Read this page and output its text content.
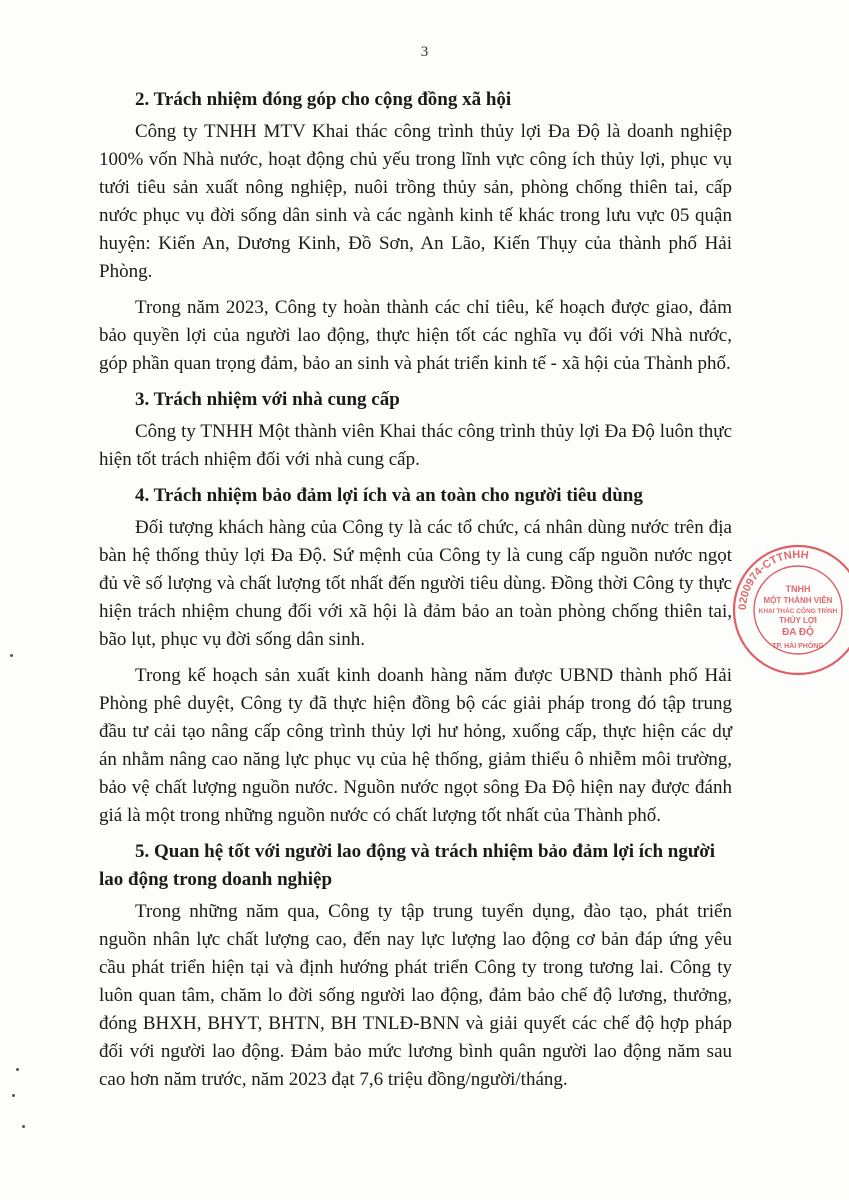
3
2. Trách nhiệm đóng góp cho cộng đồng xã hội

Công ty TNHH MTV Khai thác công trình thủy lợi Đa Độ là doanh nghiệp 100% vốn Nhà nước, hoạt động chủ yếu trong lĩnh vực công ích thủy lợi, phục vụ tưới tiêu sản xuất nông nghiệp, nuôi trồng thủy sản, phòng chống thiên tai, cấp nước phục vụ đời sống dân sinh và các ngành kinh tế khác trong lưu vực 05 quận huyện: Kiến An, Dương Kinh, Đồ Sơn, An Lão, Kiến Thụy của thành phố Hải Phòng.

Trong năm 2023, Công ty hoàn thành các chỉ tiêu, kế hoạch được giao, đảm bảo quyền lợi của người lao động, thực hiện tốt các nghĩa vụ đối với Nhà nước, góp phần quan trọng đảm, bảo an sinh và phát triển kinh tế - xã hội của Thành phố.

3. Trách nhiệm với nhà cung cấp

Công ty TNHH Một thành viên Khai thác công trình thủy lợi Đa Độ luôn thực hiện tốt trách nhiệm đối với nhà cung cấp.

4. Trách nhiệm bảo đảm lợi ích và an toàn cho người tiêu dùng

Đối tượng khách hàng của Công ty là các tổ chức, cá nhân dùng nước trên địa bàn hệ thống thủy lợi Đa Độ. Sứ mệnh của Công ty là cung cấp nguồn nước ngọt đủ về số lượng và chất lượng tốt nhất đến người tiêu dùng. Đồng thời Công ty thực hiện trách nhiệm chung đối với xã hội là đảm bảo an toàn phòng chống thiên tai, bão lụt, phục vụ đời sống dân sinh.

Trong kế hoạch sản xuất kinh doanh hàng năm được UBND thành phố Hải Phòng phê duyệt, Công ty đã thực hiện đồng bộ các giải pháp trong đó tập trung đầu tư cải tạo nâng cấp công trình thủy lợi hư hỏng, xuống cấp, thực hiện các dự án nhằm nâng cao năng lực phục vụ của hệ thống, giảm thiểu ô nhiễm môi trường, bảo vệ chất lượng nguồn nước. Nguồn nước ngọt sông Đa Độ hiện nay được đánh giá là một trong những nguồn nước có chất lượng tốt nhất của Thành phố.

5. Quan hệ tốt với người lao động và trách nhiệm bảo đảm lợi ích người lao động trong doanh nghiệp

Trong những năm qua, Công ty tập trung tuyển dụng, đào tạo, phát triển nguồn nhân lực chất lượng cao, đến nay lực lượng lao động cơ bản đáp ứng yêu cầu phát triển hiện tại và định hướng phát triển Công ty trong tương lai. Công ty luôn quan tâm, chăm lo đời sống người lao động, đảm bảo chế độ lương, thưởng, đóng BHXH, BHYT, BHTN, BH TNLĐ-BNN và giải quyết các chế độ hợp pháp đối với người lao động. Đảm bảo mức lương bình quân người lao động năm sau cao hơn năm trước, năm 2023 đạt 7,6 triệu đồng/người/tháng.

0200974-CTTNHH
TNHH
MỘT THÀNH VIÊN
KHAI THÁC CÔNG TRÌNH
THỦY LỢI
ĐA ĐỘ
TP. HẢI PHÒNG
